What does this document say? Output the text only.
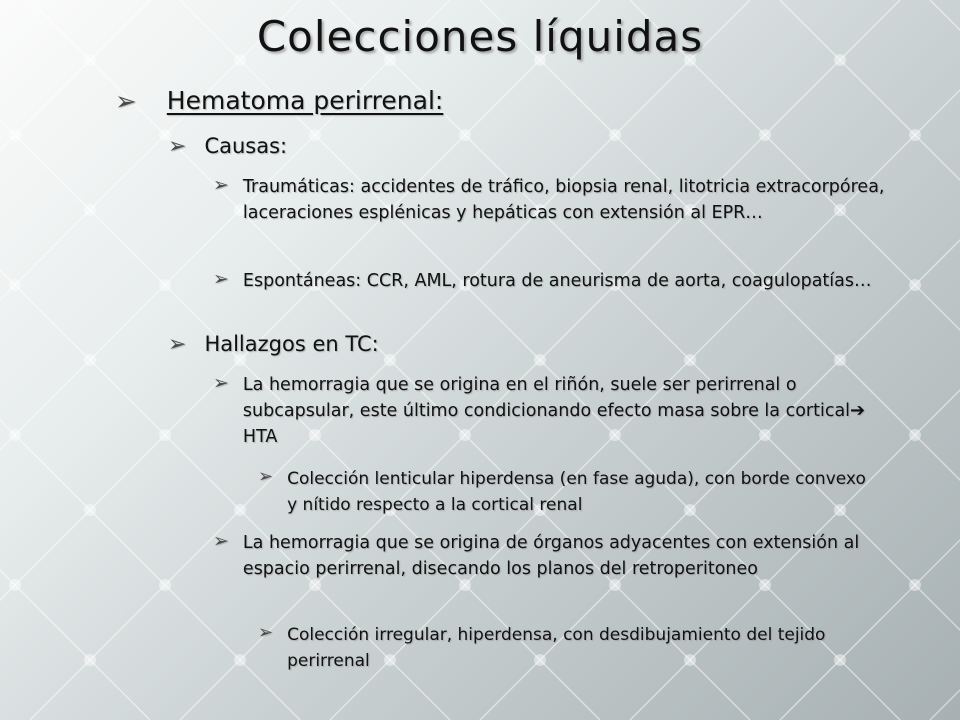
Colecciones líquidas
➢ Hematoma perirrenal:
➢ Causas:
➢ Traumáticas: accidentes de tráfico, biopsia renal, litotricia extracorpórea, laceraciones esplénicas y hepáticas con extensión al EPR…
➢ Espontáneas: CCR, AML, rotura de aneurisma de aorta, coagulopatías…
➢ Hallazgos en TC:
➢ La hemorragia que se origina en el riñón, suele ser perirrenal o subcapsular, este último condicionando efecto masa sobre la cortical➔ HTA
➢ Colección lenticular hiperdensa (en fase aguda), con borde convexo y nítido respecto a la cortical renal
➢ La hemorragia que se origina de órganos adyacentes con extensión al espacio perirrenal, disecando los planos del retroperitoneo
➢ Colección irregular, hiperdensa, con desdibujamiento del tejido perirrenal
